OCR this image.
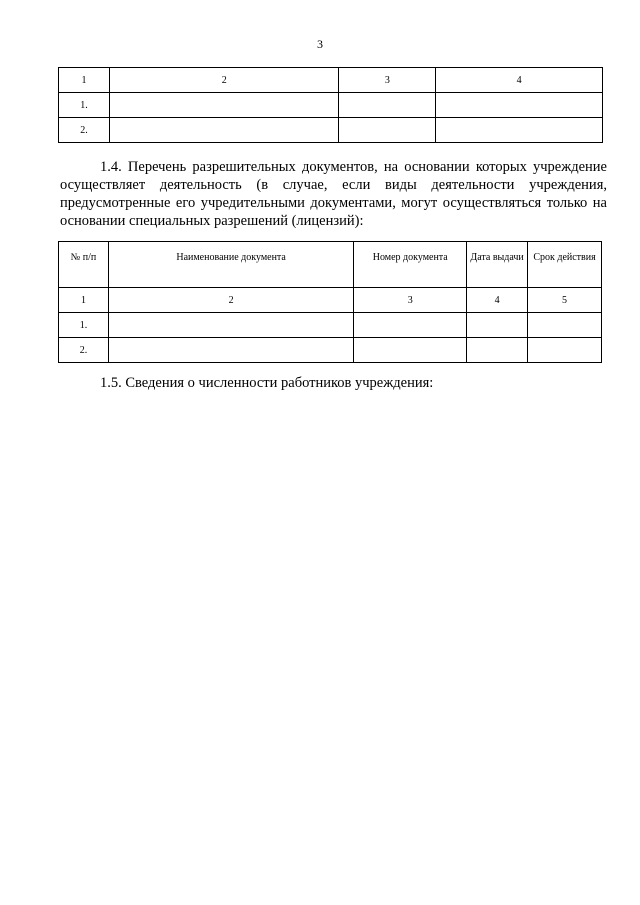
3
1	2	3	4
1.			
2.			

1.4. Перечень разрешительных документов, на основании которых учреждение осуществляет деятельность (в случае, если виды деятельности учреждения, предусмотренные его учредительными документами, могут осуществляться только на основании специальных разрешений (лицензий):

№ п/п	Наименование документа	Номер документа	Дата выдачи	Срок действия
1	2	3	4	5
1.				
2.				

1.5. Сведения о численности работников учреждения:
